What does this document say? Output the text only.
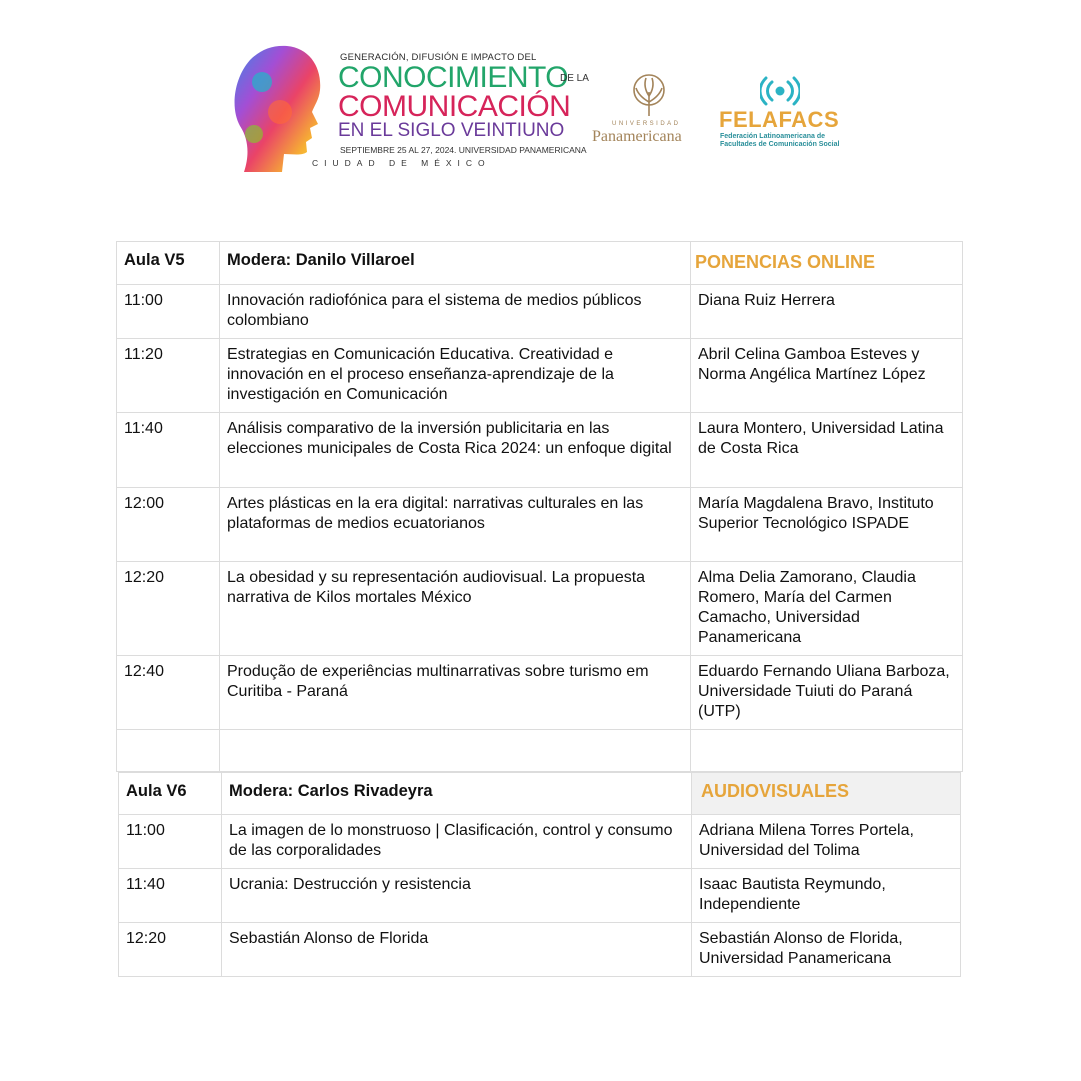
GENERACIÓN, DIFUSIÓN E IMPACTO DEL
CONOCIMIENTO
DE LA
COMUNICACIÓN
EN EL SIGLO VEINTIUNO
SEPTIEMBRE 25 AL 27, 2024. UNIVERSIDAD PANAMERICANA
CIUDAD DE MÉXICO
UNIVERSIDAD
Panamericana
FELAFACS
Federación Latinoamericana de
Facultades de Comunicación Social
Aula V5	Modera: Danilo Villaroel	PONENCIAS ONLINE
11:00	Innovación radiofónica para el sistema de medios públicos colombiano	Diana Ruiz Herrera
11:20	Estrategias en Comunicación Educativa. Creatividad e innovación en el proceso enseñanza-aprendizaje de la investigación en Comunicación	Abril Celina Gamboa Esteves y Norma Angélica Martínez López
11:40	Análisis comparativo de la inversión publicitaria en las elecciones municipales de Costa Rica 2024: un enfoque digital	Laura Montero, Universidad Latina de Costa Rica
12:00	Artes plásticas en la era digital: narrativas culturales en las plataformas de medios ecuatorianos	María Magdalena Bravo, Instituto Superior Tecnológico ISPADE
12:20	La obesidad y su representación audiovisual. La propuesta narrativa de Kilos mortales México	Alma Delia Zamorano, Claudia Romero, María del Carmen Camacho, Universidad Panamericana
12:40	Produção de experiências multinarrativas sobre turismo em Curitiba - Paraná	Eduardo Fernando Uliana Barboza, Universidade Tuiuti do Paraná (UTP)

Aula V6	Modera: Carlos Rivadeyra	AUDIOVISUALES
11:00	La imagen de lo monstruoso | Clasificación, control y consumo de las corporalidades	Adriana Milena Torres Portela, Universidad del Tolima
11:40	Ucrania: Destrucción y resistencia	Isaac Bautista Reymundo, Independiente
12:20	Sebastián Alonso de Florida	Sebastián Alonso de Florida, Universidad Panamericana
